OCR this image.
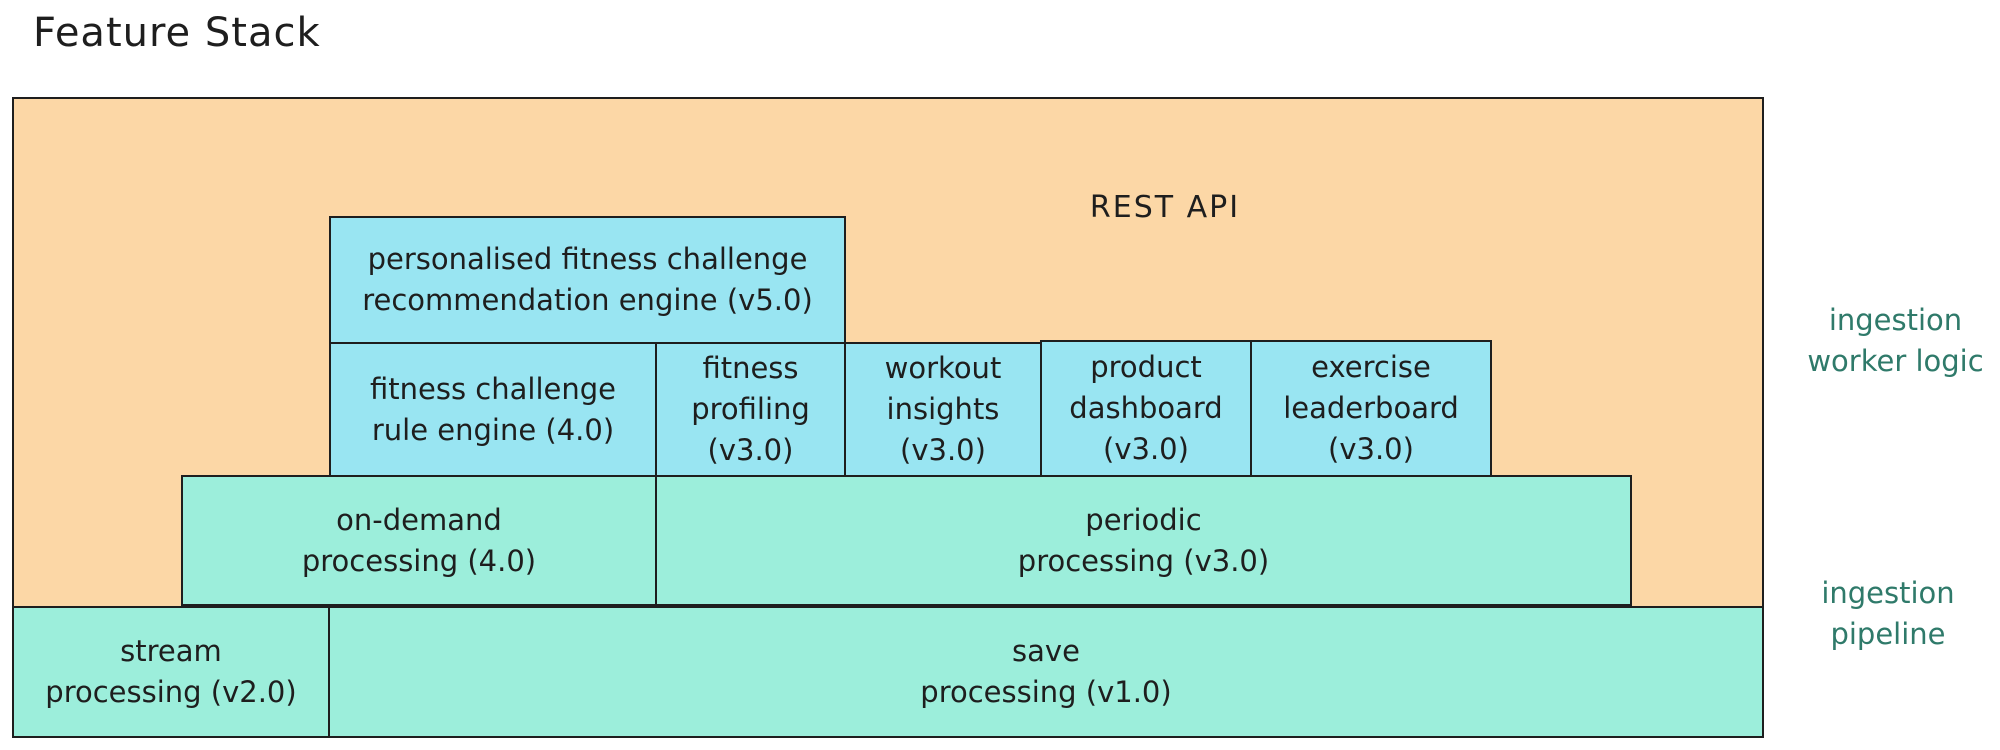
Feature Stack
REST API
personalised fitness challenge
recommendation engine (v5.0)
fitness challenge
rule engine (4.0)
fitness
profiling
(v3.0)
workout
insights
(v3.0)
product
dashboard
(v3.0)
exercise
leaderboard
(v3.0)
on-demand
processing (4.0)
periodic
processing (v3.0)
stream
processing (v2.0)
save
processing (v1.0)
ingestion
worker logic
ingestion
pipeline
